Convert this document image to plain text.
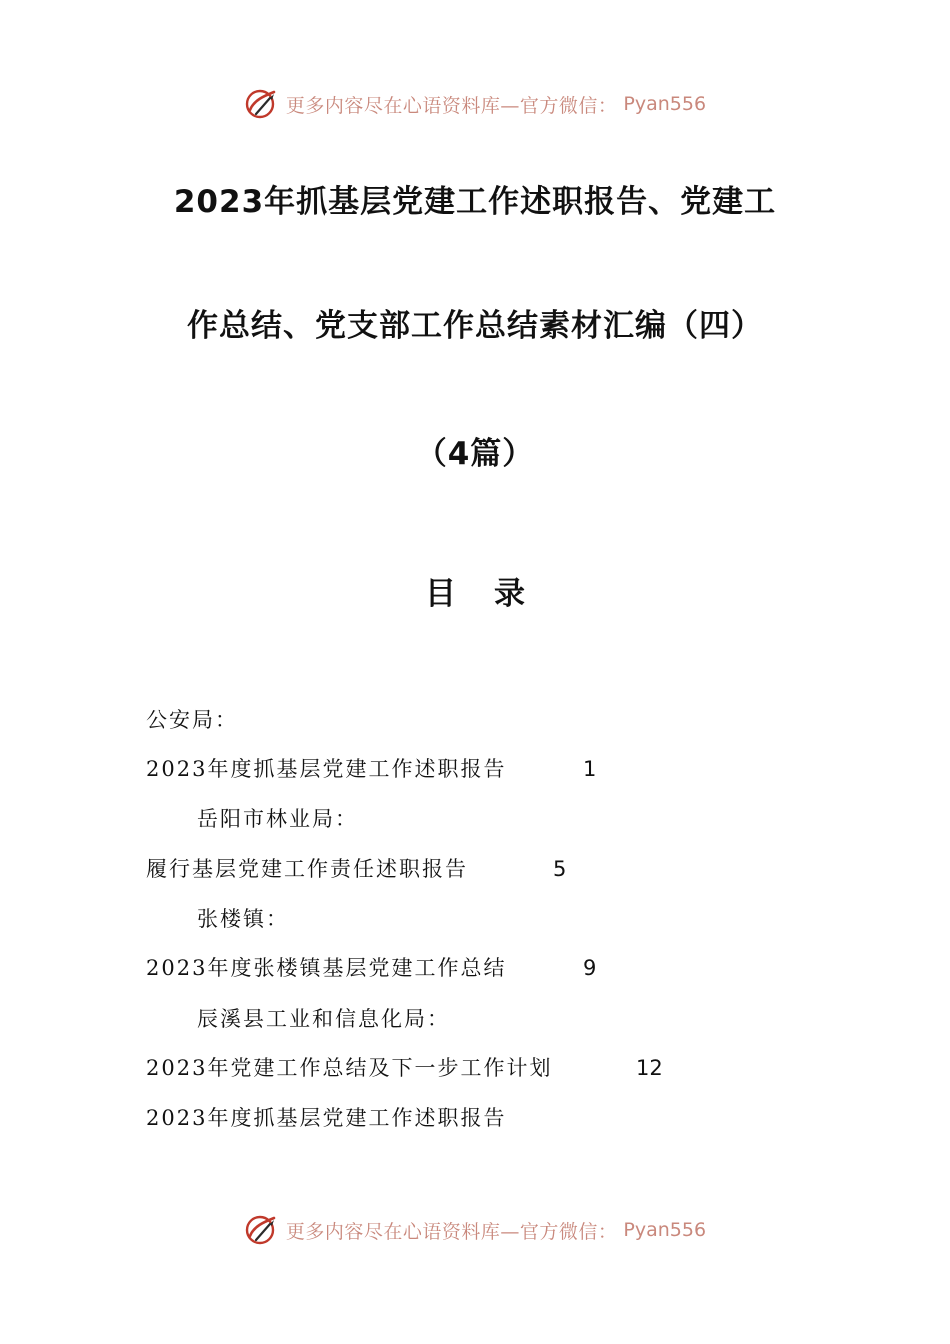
更多内容尽在心语资料库—官方微信： Pyan556
2023年抓基层党建工作述职报告、党建工
作总结、党支部工作总结素材汇编（四）
（4篇）
目录
公安局：
2023年度抓基层党建工作述职报告	1
岳阳市林业局：
履行基层党建工作责任述职报告	5
张楼镇：
2023年度张楼镇基层党建工作总结	9
辰溪县工业和信息化局：
2023年党建工作总结及下一步工作计划	12
2023年度抓基层党建工作述职报告
更多内容尽在心语资料库—官方微信： Pyan556
